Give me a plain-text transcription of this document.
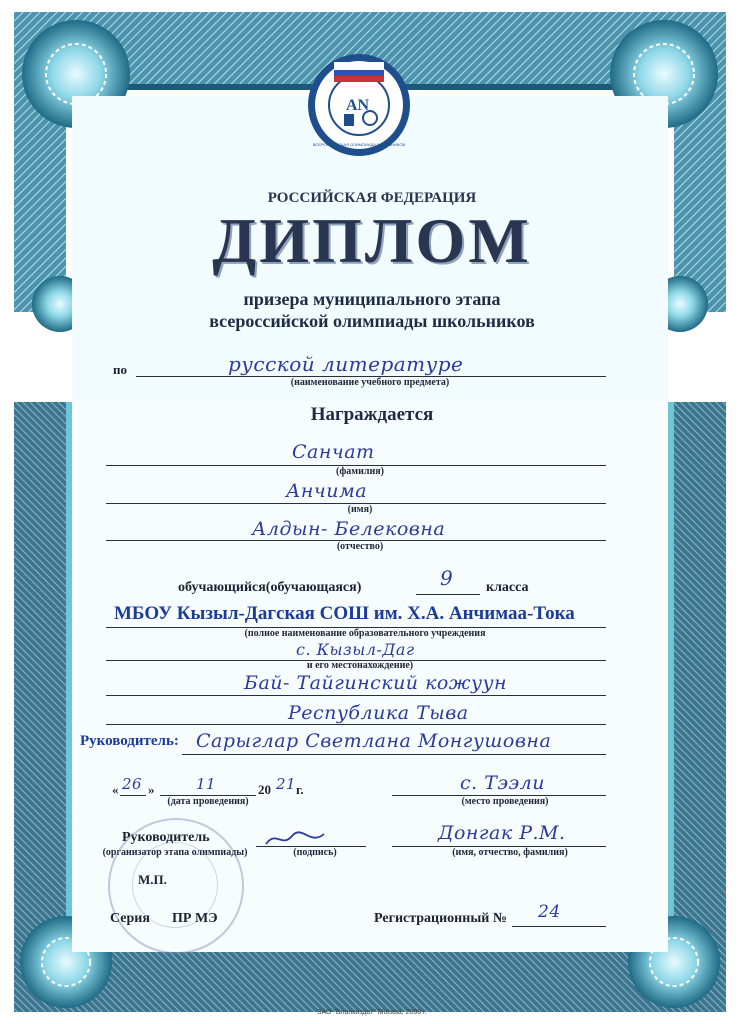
AN
ВСЕРОССИЙСКАЯ ОЛИМПИАДА ШКОЛЬНИКОВ
РОССИЙСКАЯ ФЕДЕРАЦИЯ
ДИПЛОМ
призера муниципального этапа
всероссийской олимпиады школьников
по	русской литературе
(наименование учебного предмета)
Награждается
Санчат
(фамилия)
Анчима
(имя)
Алдын- Белековна
(отчество)
обучающийся(обучающаяся)	9 класса
МБОУ Кызыл-Дагская СОШ им. Х.А. Анчимаа-Тока
(полное наименование образовательного учреждения
с. Кызыл-Даг
и его местонахождение)
Бай- Тайгинский кожуун
Республика Тыва
Руководитель: Сарыглар Светлана Монгушовна
« 26 »	11	20 21 г.
(дата проведения)
с. Тээли
(место проведения)
Руководитель
(организатор этапа олимпиады)	(подпись)
Донгак Р.М.
(имя, отчество, фамилия)
М.П.
Серия ПР МЭ	Регистрационный № 24
ЗАО "Бланкиздат" Москва, 2008 г.
